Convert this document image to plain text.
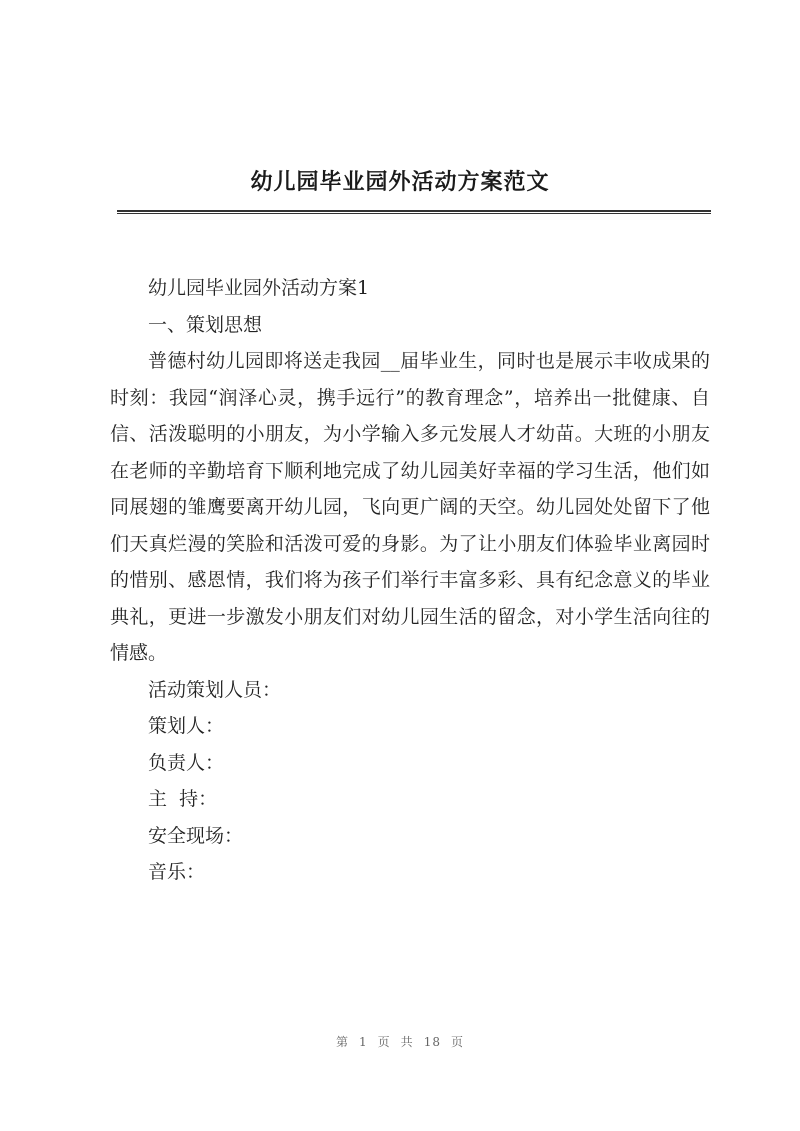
幼儿园毕业园外活动方案范文

幼儿园毕业园外活动方案1

一、策划思想

普德村幼儿园即将送走我园__届毕业生，同时也是展示丰收成果的时刻：我园“润泽心灵，携手远行”的教育理念”，培养出一批健康、自信、活泼聪明的小朋友，为小学输入多元发展人才幼苗。大班的小朋友在老师的辛勤培育下顺利地完成了幼儿园美好幸福的学习生活，他们如同展翅的雏鹰要离开幼儿园，飞向更广阔的天空。幼儿园处处留下了他们天真烂漫的笑脸和活泼可爱的身影。为了让小朋友们体验毕业离园时的惜别、感恩情，我们将为孩子们举行丰富多彩、具有纪念意义的毕业典礼，更进一步激发小朋友们对幼儿园生活的留念，对小学生活向往的情感。

活动策划人员：

策划人：

负责人：

主  持：

安全现场：

音乐：

第 1 页 共 18 页
